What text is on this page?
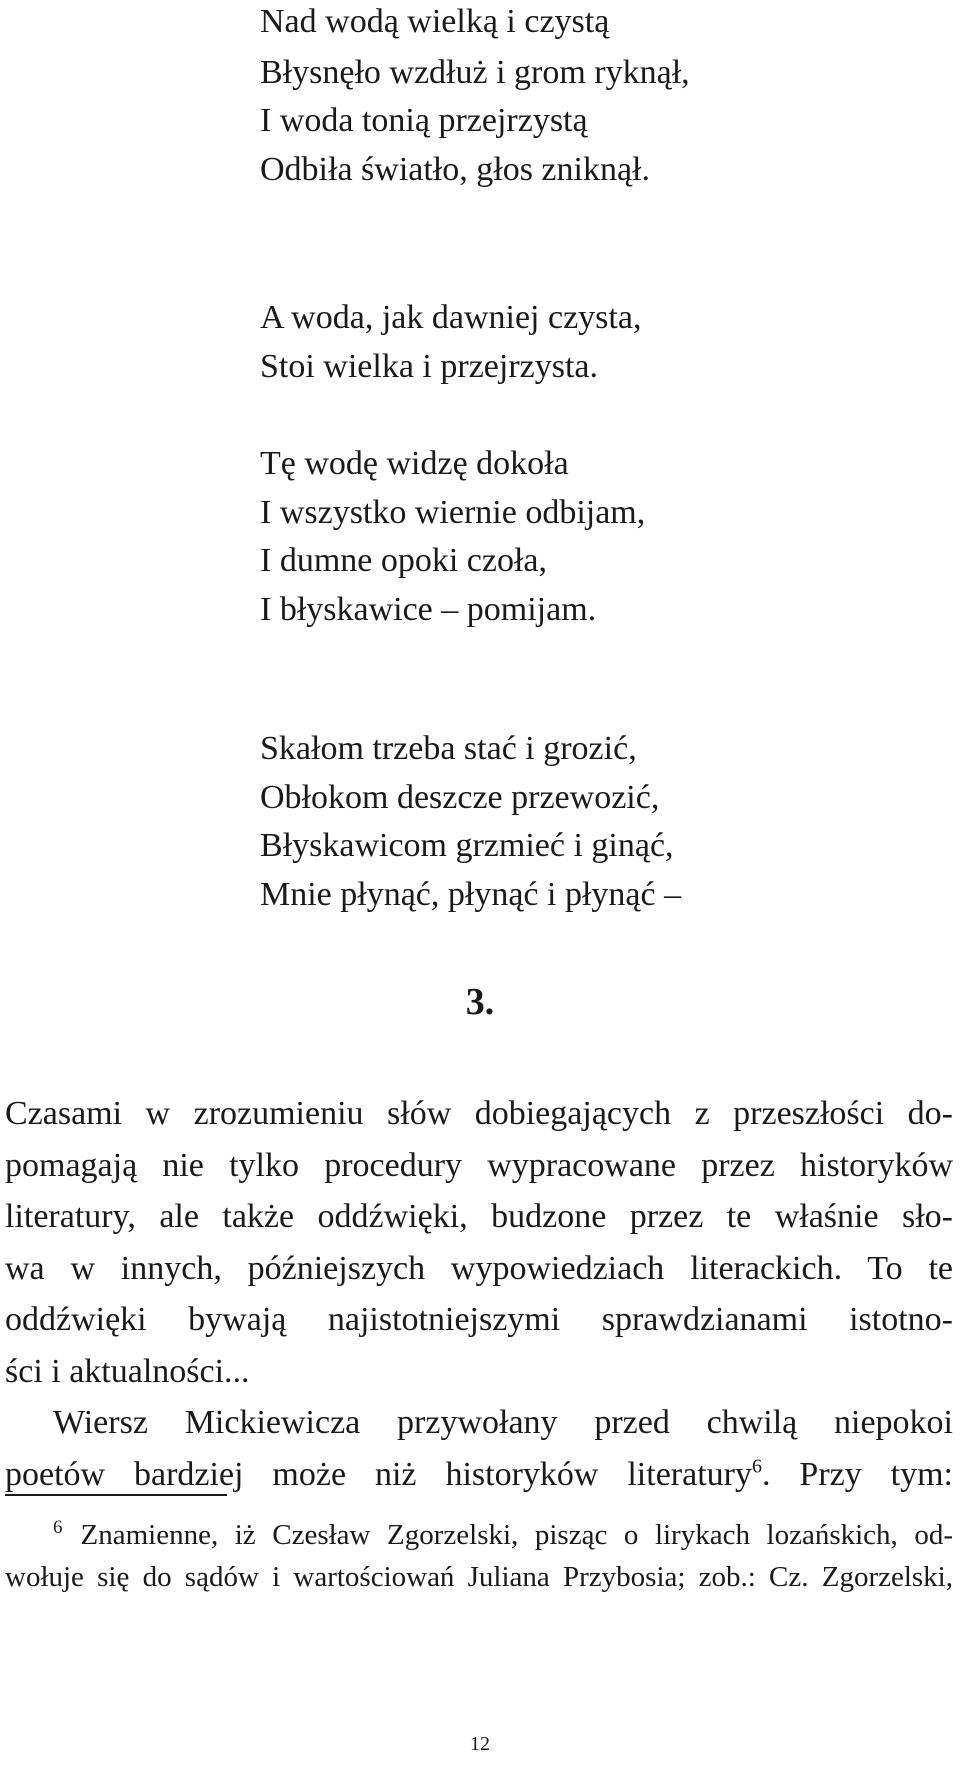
Nad wodą wielką i czystą
Błysnęło wzdłuż i grom ryknął,
I woda tonią przejrzystą
Odbiła światło, głos zniknął.
A woda, jak dawniej czysta,
Stoi wielka i przejrzysta.
Tę wodę widzę dokoła
I wszystko wiernie odbijam,
I dumne opoki czoła,
I błyskawice – pomijam.
Skałom trzeba stać i grozić,
Obłokom deszcze przewozić,
Błyskawicom grzmieć i ginąć,
Mnie płynąć, płynąć i płynąć –
3.
Czasami w zrozumieniu słów dobiegających z przeszłości do-
pomagają nie tylko procedury wypracowane przez historyków
literatury, ale także oddźwięki, budzone przez te właśnie sło-
wa w innych, późniejszych wypowiedziach literackich. To te
oddźwięki bywają najistotniejszymi sprawdzianami istotno-
ści i aktualności...
Wiersz Mickiewicza przywołany przed chwilą niepokoi
poetów bardziej może niż historyków literatury$^6$. Przy tym:
$^6$ Znamienne, iż Czesław Zgorzelski, pisząc o lirykach lozańskich, od-
wołuje się do sądów i wartościowań Juliana Przybosia; zob.: Cz. Zgorzelski,
12
